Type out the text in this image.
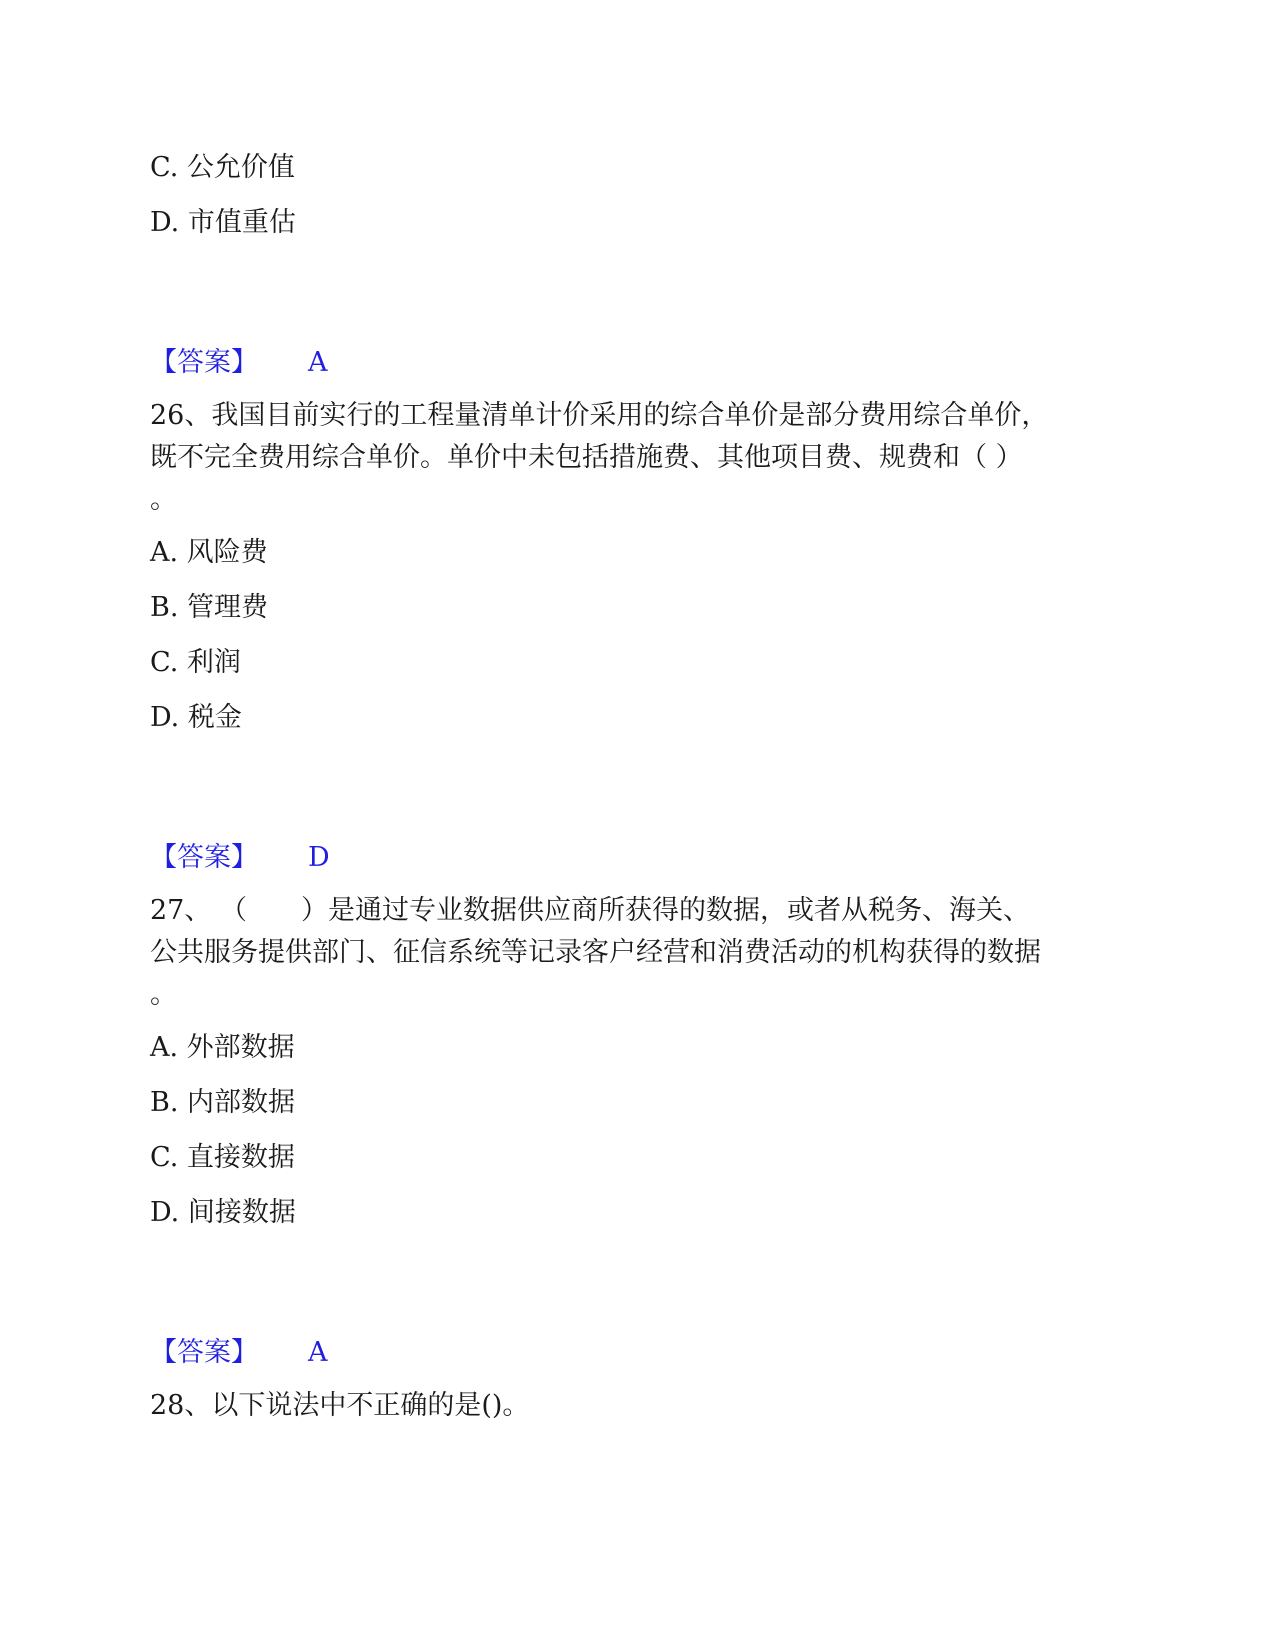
C. 公允价值
D. 市值重估
【答案】 A
26、我国目前实行的工程量清单计价采用的综合单价是部分费用综合单价，
既不完全费用综合单价。单价中未包括措施费、其他项目费、规费和（ ）
。
A. 风险费
B. 管理费
C. 利润
D. 税金
【答案】 D
27、 （　　）是通过专业数据供应商所获得的数据，或者从税务、海关、
公共服务提供部门、征信系统等记录客户经营和消费活动的机构获得的数据
。
A. 外部数据
B. 内部数据
C. 直接数据
D. 间接数据
【答案】 A
28、以下说法中不正确的是()。
